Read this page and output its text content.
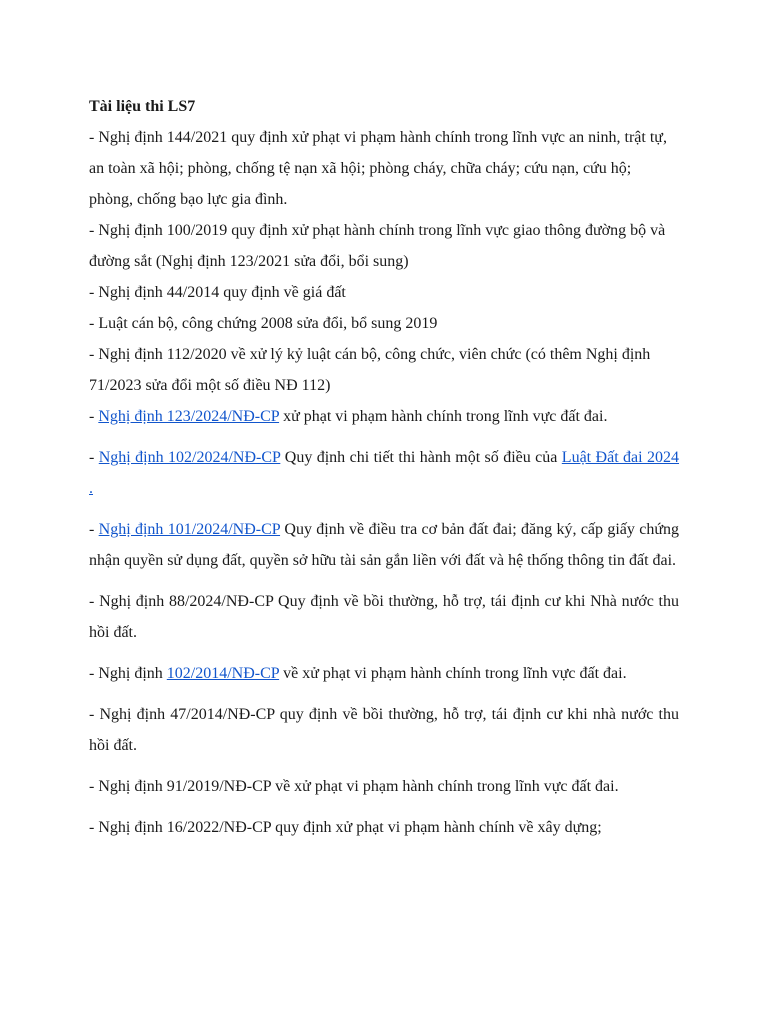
Tài liệu thi LS7

- Nghị định 144/2021 quy định xử phạt vi phạm hành chính trong lĩnh vực an ninh, trật tự, an toàn xã hội; phòng, chống tệ nạn xã hội; phòng cháy, chữa cháy; cứu nạn, cứu hộ; phòng, chống bạo lực gia đình.

- Nghị định 100/2019 quy định xử phạt hành chính trong lĩnh vực giao thông đường bộ và đường sắt (Nghị định 123/2021 sửa đổi, bổi sung)

- Nghị định 44/2014 quy định về giá đất

- Luật cán bộ, công chứng 2008 sửa đổi, bổ sung 2019

- Nghị định 112/2020 về xử lý kỷ luật cán bộ, công chức, viên chức (có thêm Nghị định 71/2023 sửa đổi một số điều NĐ 112)

- Nghị định 123/2024/NĐ-CP xử phạt vi phạm hành chính trong lĩnh vực đất đai.

- Nghị định 102/2024/NĐ-CP Quy định chi tiết thi hành một số điều của Luật Đất đai 2024 .

- Nghị định 101/2024/NĐ-CP Quy định về điều tra cơ bản đất đai; đăng ký, cấp giấy chứng nhận quyền sử dụng đất, quyền sở hữu tài sản gắn liền với đất và hệ thống thông tin đất đai.

- Nghị định 88/2024/NĐ-CP Quy định về bồi thường, hỗ trợ, tái định cư khi Nhà nước thu hồi đất.

- Nghị định 102/2014/NĐ-CP về xử phạt vi phạm hành chính trong lĩnh vực đất đai.

- Nghị định 47/2014/NĐ-CP quy định về bồi thường, hỗ trợ, tái định cư khi nhà nước thu hồi đất.

- Nghị định 91/2019/NĐ-CP về xử phạt vi phạm hành chính trong lĩnh vực đất đai.

- Nghị định 16/2022/NĐ-CP quy định xử phạt vi phạm hành chính về xây dựng;
